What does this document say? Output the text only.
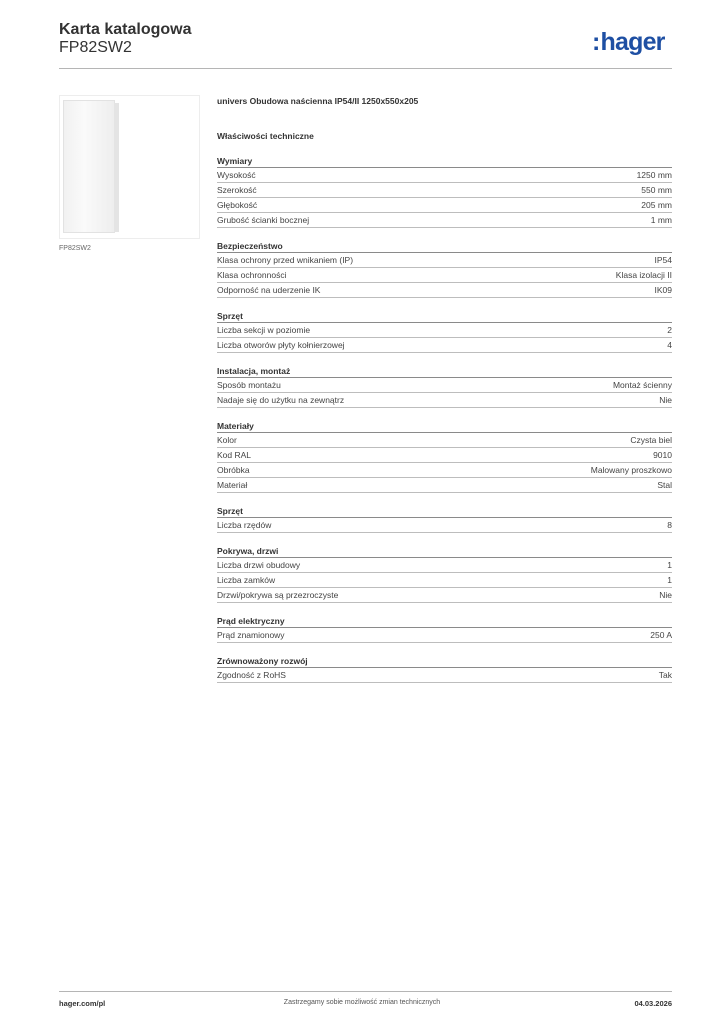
Karta katalogowa
FP82SW2	:hager
FP82SW2
univers Obudowa naścienna IP54/II 1250x550x205
Właściwości techniczne
Wymiary
Wysokość	1250 mm
Szerokość	550 mm
Głębokość	205 mm
Grubość ścianki bocznej	1 mm
Bezpieczeństwo
Klasa ochrony przed wnikaniem (IP)	IP54
Klasa ochronności	Klasa izolacji II
Odporność na uderzenie IK	IK09
Sprzęt
Liczba sekcji w poziomie	2
Liczba otworów płyty kołnierzowej	4
Instalacja, montaż
Sposób montażu	Montaż ścienny
Nadaje się do użytku na zewnątrz	Nie
Materiały
Kolor	Czysta biel
Kod RAL	9010
Obróbka	Malowany proszkowo
Materiał	Stal
Sprzęt
Liczba rzędów	8
Pokrywa, drzwi
Liczba drzwi obudowy	1
Liczba zamków	1
Drzwi/pokrywa są przezroczyste	Nie
Prąd elektryczny
Prąd znamionowy	250 A
Zrównoważony rozwój
Zgodność z RoHS	Tak
hager.com/pl	Zastrzegamy sobie możliwość zmian technicznych	04.03.2026
